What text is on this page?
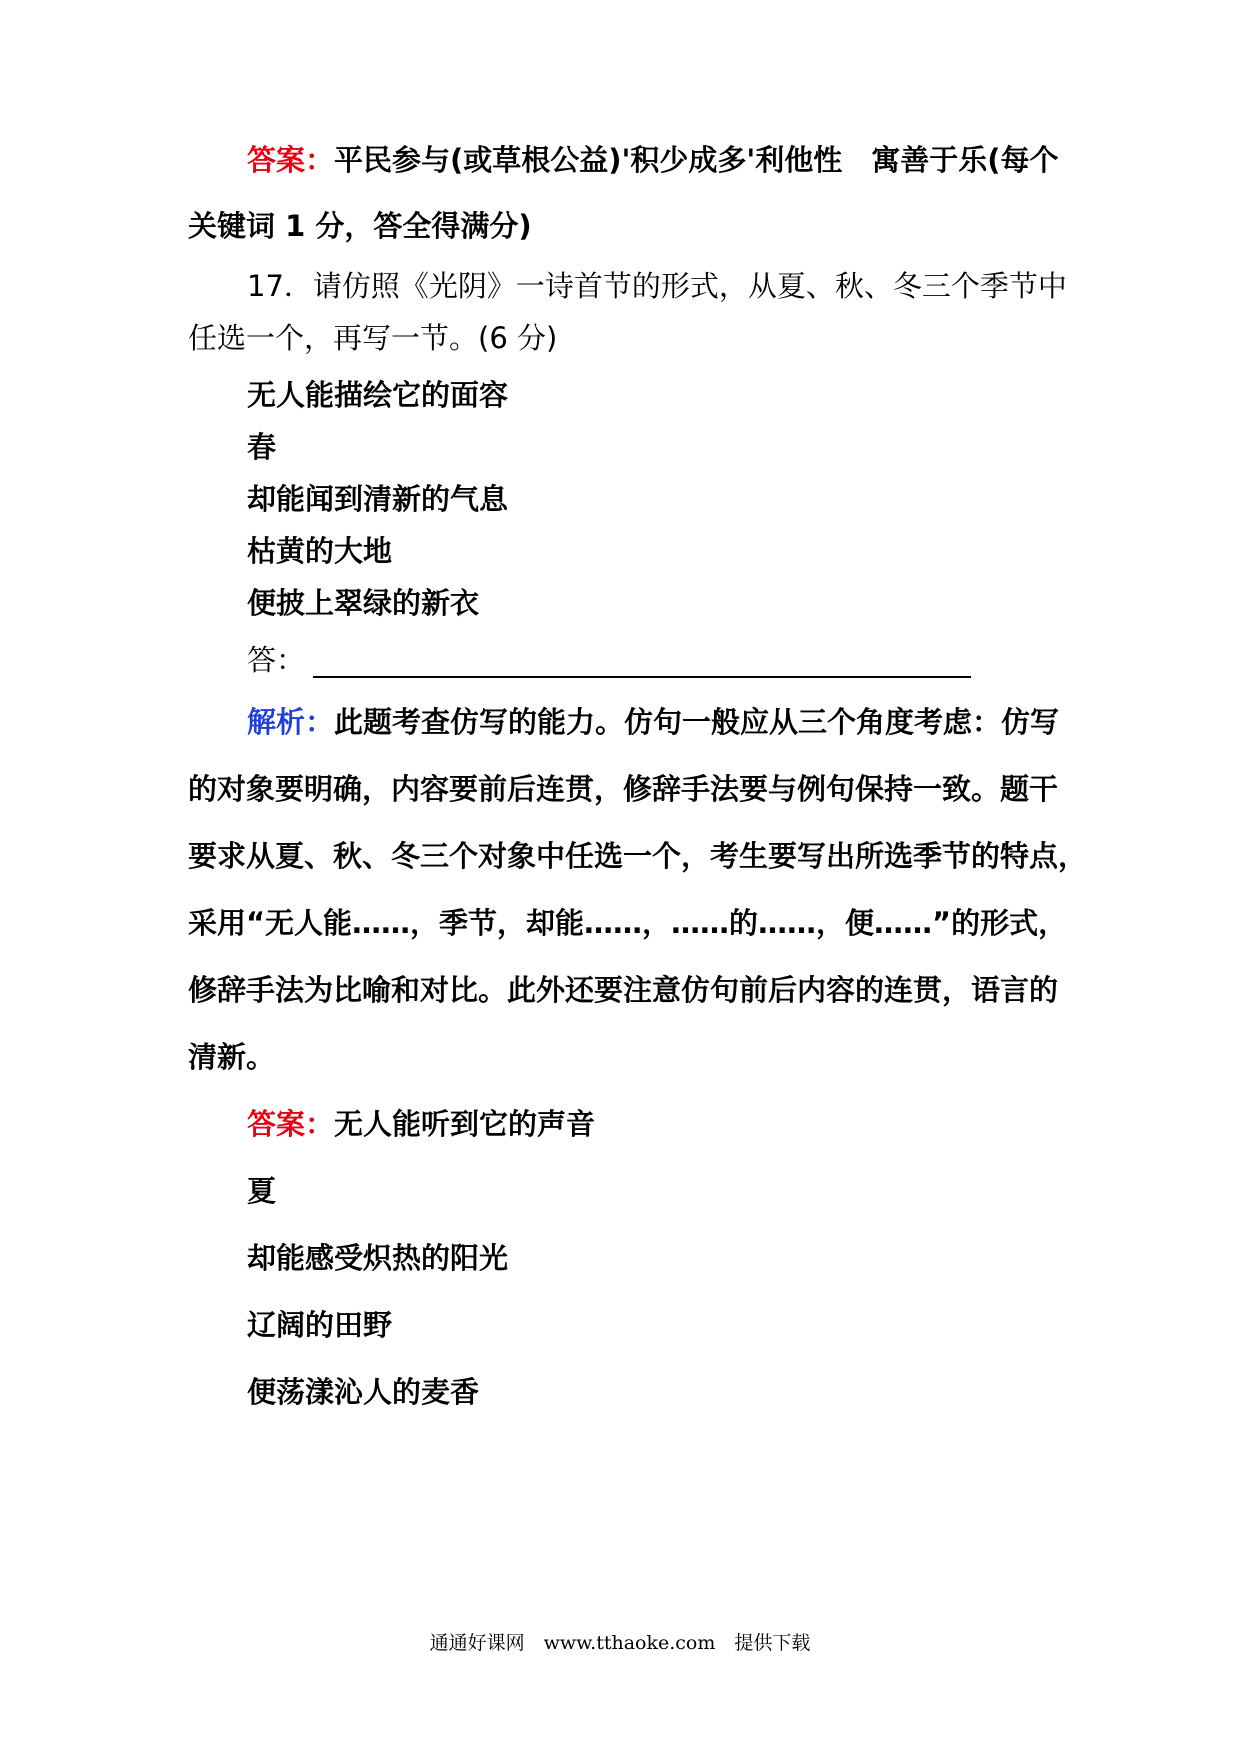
答案：平民参与(或草根公益)'积少成多'利他性　寓善于乐(每个
关键词 1 分，答全得满分)
17．请仿照《光阴》一诗首节的形式，从夏、秋、冬三个季节中
任选一个，再写一节。(6 分)
无人能描绘它的面容
春
却能闻到清新的气息
枯黄的大地
便披上翠绿的新衣
答：
解析：此题考查仿写的能力。仿句一般应从三个角度考虑：仿写
的对象要明确，内容要前后连贯，修辞手法要与例句保持一致。题干
要求从夏、秋、冬三个对象中任选一个，考生要写出所选季节的特点，
采用“无人能……，季节，却能……，……的……，便……”的形式，
修辞手法为比喻和对比。此外还要注意仿句前后内容的连贯，语言的
清新。
答案：无人能听到它的声音
夏
却能感受炽热的阳光
辽阔的田野
便荡漾沁人的麦香
通通好课网　www.tthaoke.com　提供下载
